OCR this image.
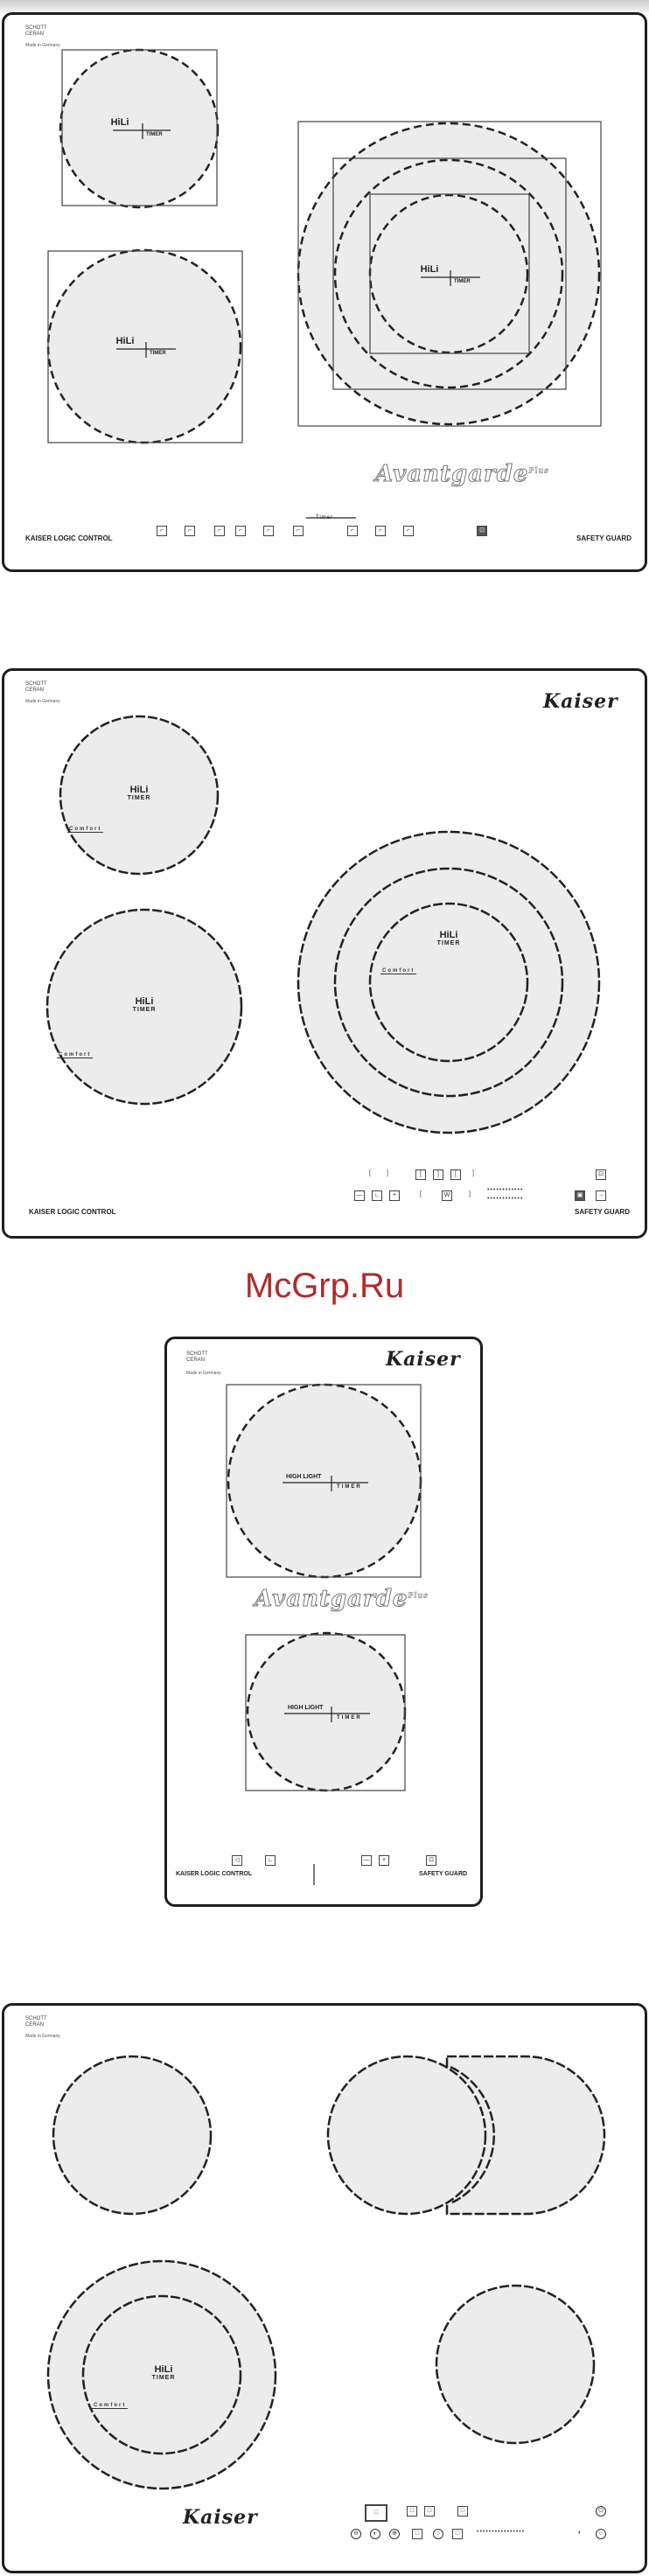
SCHOTT
CERAN
Made in Germany
HiLi
TIMER
HiLi
TIMER
HiLi
TIMER
Avantgarde$^{Plus}$
KAISER LOGIC CONTROL	SAFETY GUARD
Timer
⌐	⌐	⌐	⌐	⌐	⌐	⌐	⌐	⌐	⊡
SCHOTT
CERAN
Made in Germany	Kaiser
HiLi
TIMER
Comfort
HiLi
TIMER
Comfort
HiLi
TIMER
Comfort
KAISER LOGIC CONTROL	SAFETY GUARD
[	]	[	]	[	]
—	∟	+	[	W	]
••••••••••••
••••••••••••
⊡
▣	→
McGrp.Ru
SCHOTT
CERAN
Made in Germany
Kaiser
HIGH LIGHT
TIMER
Avantgarde$^{Plus}$
HIGH LIGHT
TIMER
KAISER LOGIC CONTROL	SAFETY GUARD
◁	∟	—	+	⊡
SCHOTT
CERAN
Made in Germany
HiLi
TIMER
Comfort
Kaiser	□	□	□	□	⏻
⊖	◐	⊕	□	○	□	••••••••••••••••	◐	○
